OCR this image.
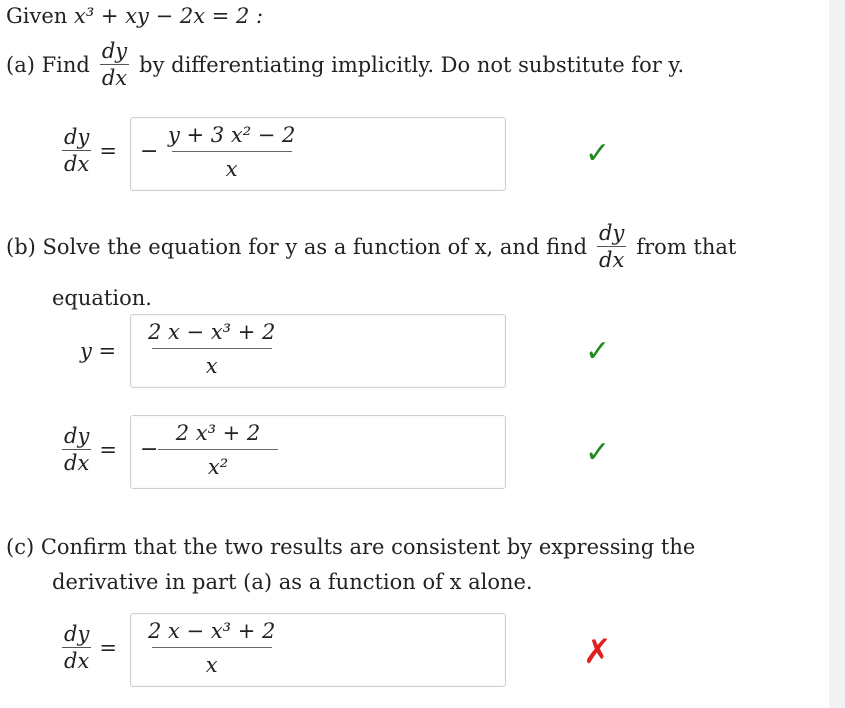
Given x³ + xy − 2x = 2 :
(a) Find $\frac{dy}{dx}$ by differentiating implicitly. Do not substitute for y.
$\frac{dy}{dx}$ = − $\frac{\text{y + 3 x² − 2}}{x}$	✓
(b) Solve the equation for y as a function of x, and find $\frac{dy}{dx}$ from that
equation.
$y = \frac{\text{2 x − x³ + 2}}{x}$	✓
$\frac{dy}{dx}$ = − $\frac{\text{2 x³ + 2}}{\text{x²}}$	✓
(c) Confirm that the two results are consistent by expressing the
derivative in part (a) as a function of x alone.
$\frac{dy}{dx} = \frac{\text{2 x − x³ + 2}}{x}$	✗
